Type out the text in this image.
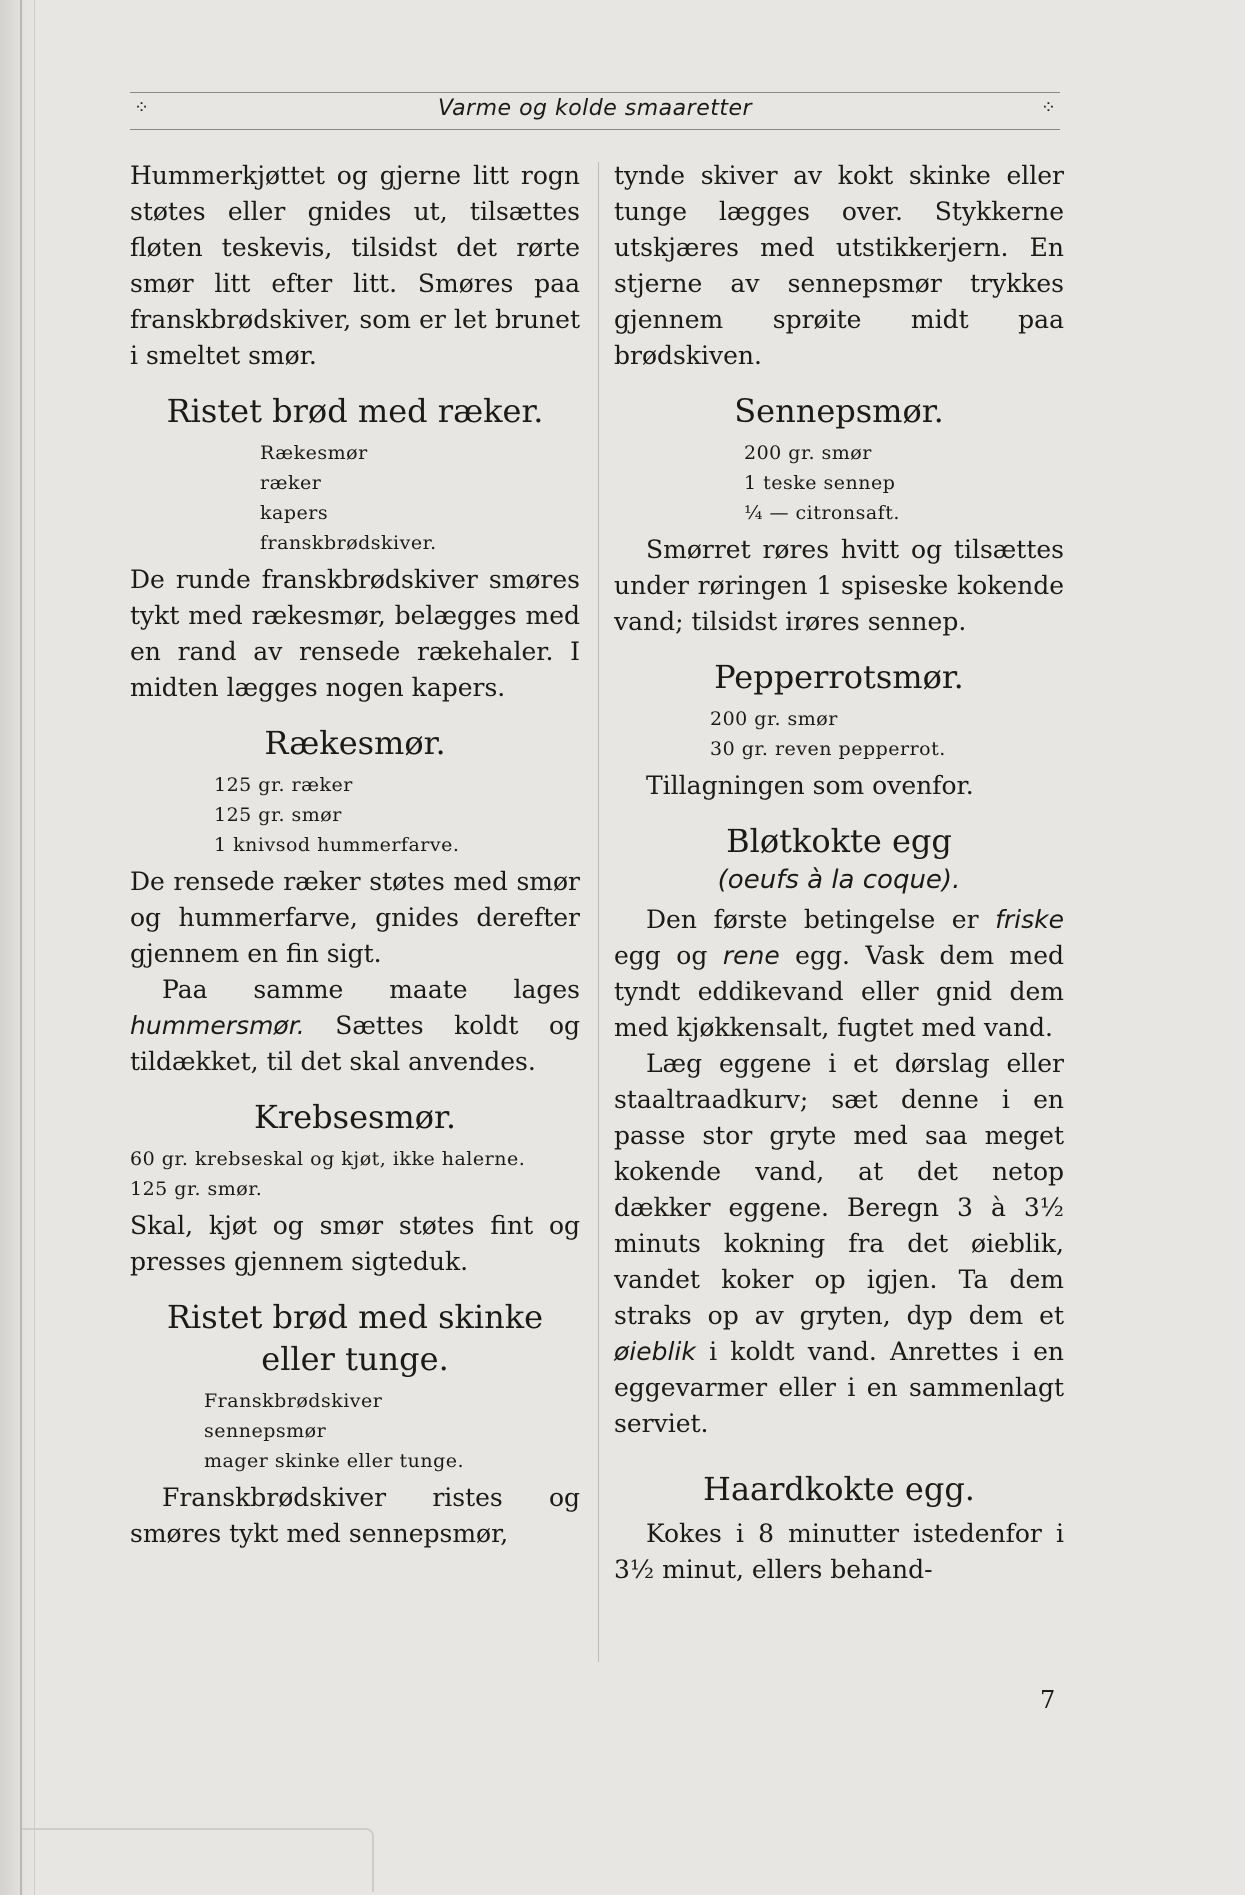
⁘	Varme og kolde smaaretter	⁘

Hummerkjøttet og gjerne litt rogn støtes eller gnides ut, tilsættes fløten teskevis, tilsidst det rørte smør litt efter litt. Smøres paa franskbrødskiver, som er let brunet i smeltet smør.

Ristet brød med ræker.
Rækesmør
ræker
kapers
franskbrødskiver.

De runde franskbrødskiver smøres tykt med rækesmør, belægges med en rand av rensede rækehaler. I midten lægges nogen kapers.

Rækesmør.
125 gr. ræker
125 gr. smør
1 knivsod hummerfarve.

De rensede ræker støtes med smør og hummerfarve, gnides derefter gjennem en fin sigt.

Paa samme maate lages hummersmør. Sættes koldt og tildækket, til det skal anvendes.

Krebsesmør.
60 gr. krebseskal og kjøt, ikke halerne.
125 gr. smør.

Skal, kjøt og smør støtes fint og presses gjennem sigteduk.

Ristet brød med skinke eller tunge.
Franskbrødskiver
sennepsmør
mager skinke eller tunge.

Franskbrødskiver ristes og smøres tykt med sennepsmør,

tynde skiver av kokt skinke eller tunge lægges over. Stykkerne utskjæres med utstikkerjern. En stjerne av sennepsmør trykkes gjennem sprøite midt paa brødskiven.

Sennepsmør.
200 gr. smør
1 teske sennep
¼ — citronsaft.

Smørret røres hvitt og tilsættes under røringen 1 spiseske kokende vand; tilsidst irøres sennep.

Pepperrotsmør.
200 gr. smør
30 gr. reven pepperrot.

Tillagningen som ovenfor.

Bløtkokte egg

(oeufs à la coque).

Den første betingelse er friske egg og rene egg. Vask dem med tyndt eddikevand eller gnid dem med kjøkkensalt, fugtet med vand.

Læg eggene i et dørslag eller staaltraadkurv; sæt denne i en passe stor gryte med saa meget kokende vand, at det netop dækker eggene. Beregn 3 à 3½ minuts kokning fra det øieblik, vandet koker op igjen. Ta dem straks op av gryten, dyp dem et øieblik i koldt vand. Anrettes i en eggevarmer eller i en sammenlagt serviet.

Haardkokte egg.

Kokes i 8 minutter istedenfor i 3½ minut, ellers behand-

7
